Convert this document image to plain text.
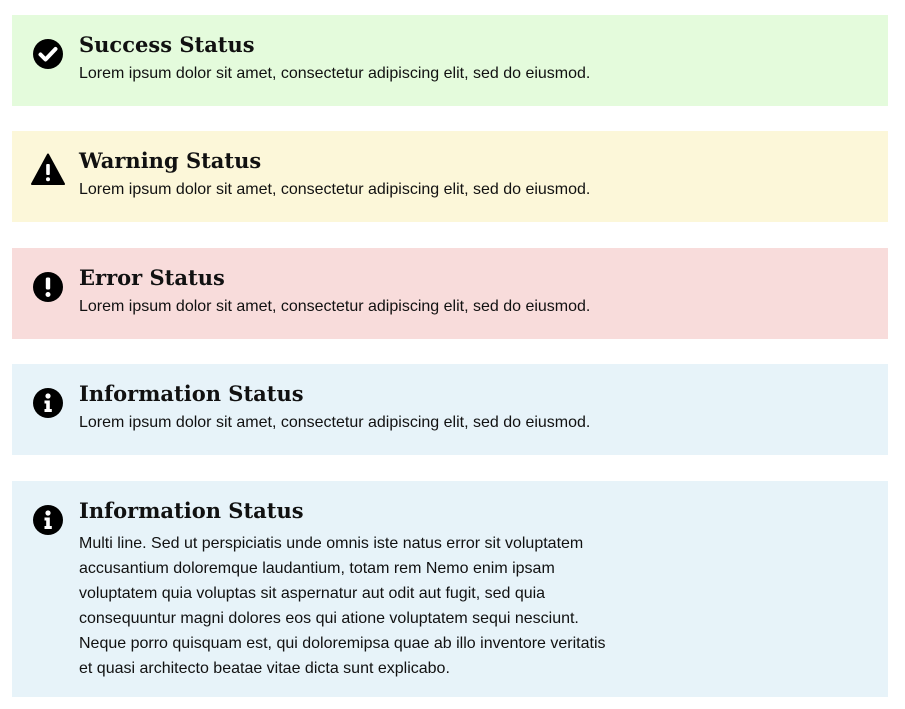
Success Status
Lorem ipsum dolor sit amet, consectetur adipiscing elit, sed do eiusmod.
Warning Status
Lorem ipsum dolor sit amet, consectetur adipiscing elit, sed do eiusmod.
Error Status
Lorem ipsum dolor sit amet, consectetur adipiscing elit, sed do eiusmod.
Information Status
Lorem ipsum dolor sit amet, consectetur adipiscing elit, sed do eiusmod.
Information Status
Multi line. Sed ut perspiciatis unde omnis iste natus error sit voluptatem accusantium doloremque laudantium, totam rem Nemo enim ipsam voluptatem quia voluptas sit aspernatur aut odit aut fugit, sed quia consequuntur magni dolores eos qui atione voluptatem sequi nesciunt. Neque porro quisquam est, qui doloremipsa quae ab illo inventore veritatis et quasi architecto beatae vitae dicta sunt explicabo.
